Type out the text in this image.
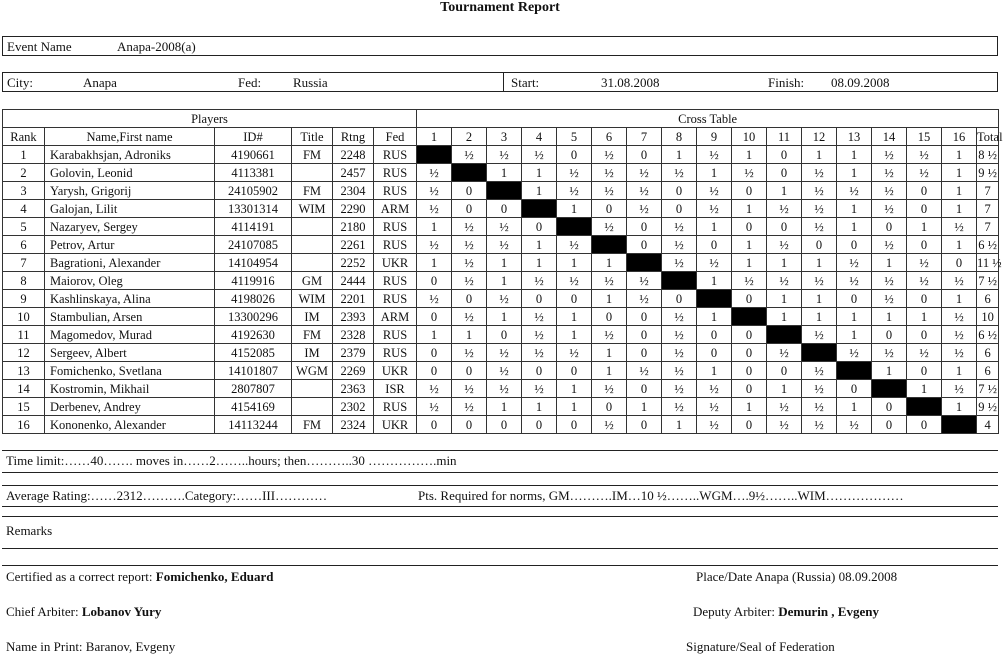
Tournament Report
Event Name	Anapa-2008(a)
City:	Anapa	Fed: Russia	Start:	31.08.2008	Finish: 08.09.2008
Players						Cross Table																
Rank	Name,First name	ID#	Title	Rtng	Fed	1	2	3	4	5	6	7	8	9	10	11	12	13	14	15	16	Total
1	Karabakhsjan, Adroniks	4190661	FM	2248	RUS		½	½	½	0	½	0	1	½	1	0	1	1	½	½	1	8 ½
2	Golovin, Leonid	4113381		2457	RUS	½		1	1	½	½	½	½	1	½	0	½	1	½	½	1	9 ½
3	Yarysh, Grigorij	24105902	FM	2304	RUS	½	0		1	½	½	½	0	½	0	1	½	½	½	0	1	7
4	Galojan, Lilit	13301314	WIM	2290	ARM	½	0	0		1	0	½	0	½	1	½	½	1	½	0	1	7
5	Nazaryev, Sergey	4114191		2180	RUS	1	½	½	0		½	0	½	1	0	0	½	1	0	1	½	7
6	Petrov, Artur	24107085		2261	RUS	½	½	½	1	½		0	½	0	1	½	0	0	½	0	1	6 ½
7	Bagrationi, Alexander	14104954		2252	UKR	1	½	1	1	1	1		½	½	1	1	1	½	1	½	0	11 ½
8	Maiorov, Oleg	4119916	GM	2444	RUS	0	½	1	½	½	½	½		1	½	½	½	½	½	½	½	7 ½
9	Kashlinskaya, Alina	4198026	WIM	2201	RUS	½	0	½	0	0	1	½	0		0	1	1	0	½	0	1	6
10	Stambulian, Arsen	13300296	IM	2393	ARM	0	½	1	½	1	0	0	½	1		1	1	1	1	1	½	10
11	Magomedov, Murad	4192630	FM	2328	RUS	1	1	0	½	1	½	0	½	0	0		½	1	0	0	½	6 ½
12	Sergeev, Albert	4152085	IM	2379	RUS	0	½	½	½	½	1	0	½	0	0	½		½	½	½	½	6
13	Fomichenko, Svetlana	14101807	WGM	2269	UKR	0	0	½	0	0	1	½	½	1	0	0	½		1	0	1	6
14	Kostromin, Mikhail	2807807		2363	ISR	½	½	½	½	1	½	0	½	½	0	1	½	0		1	½	7 ½
15	Derbenev, Andrey	4154169		2302	RUS	½	½	1	1	1	0	1	½	½	1	½	½	1	0		1	9 ½
16	Kononenko, Alexander	14113244	FM	2324	UKR	0	0	0	0	0	½	0	1	½	0	½	½	½	0	0		4
Time limit:……40……. moves in……2……..hours; then………..30 …………….min
Average Rating:……2312……….Category:……III…………	Pts. Required for norms, GM……….IM…10 ½……..WGM….9½……..WIM………………
Remarks
Certified as a correct report: Fomichenko, Eduard	Place/Date Anapa (Russia) 08.09.2008
Chief Arbiter: Lobanov Yury	Deputy Arbiter: Demurin , Evgeny
Name in Print: Baranov, Evgeny	Signature/Seal of Federation
